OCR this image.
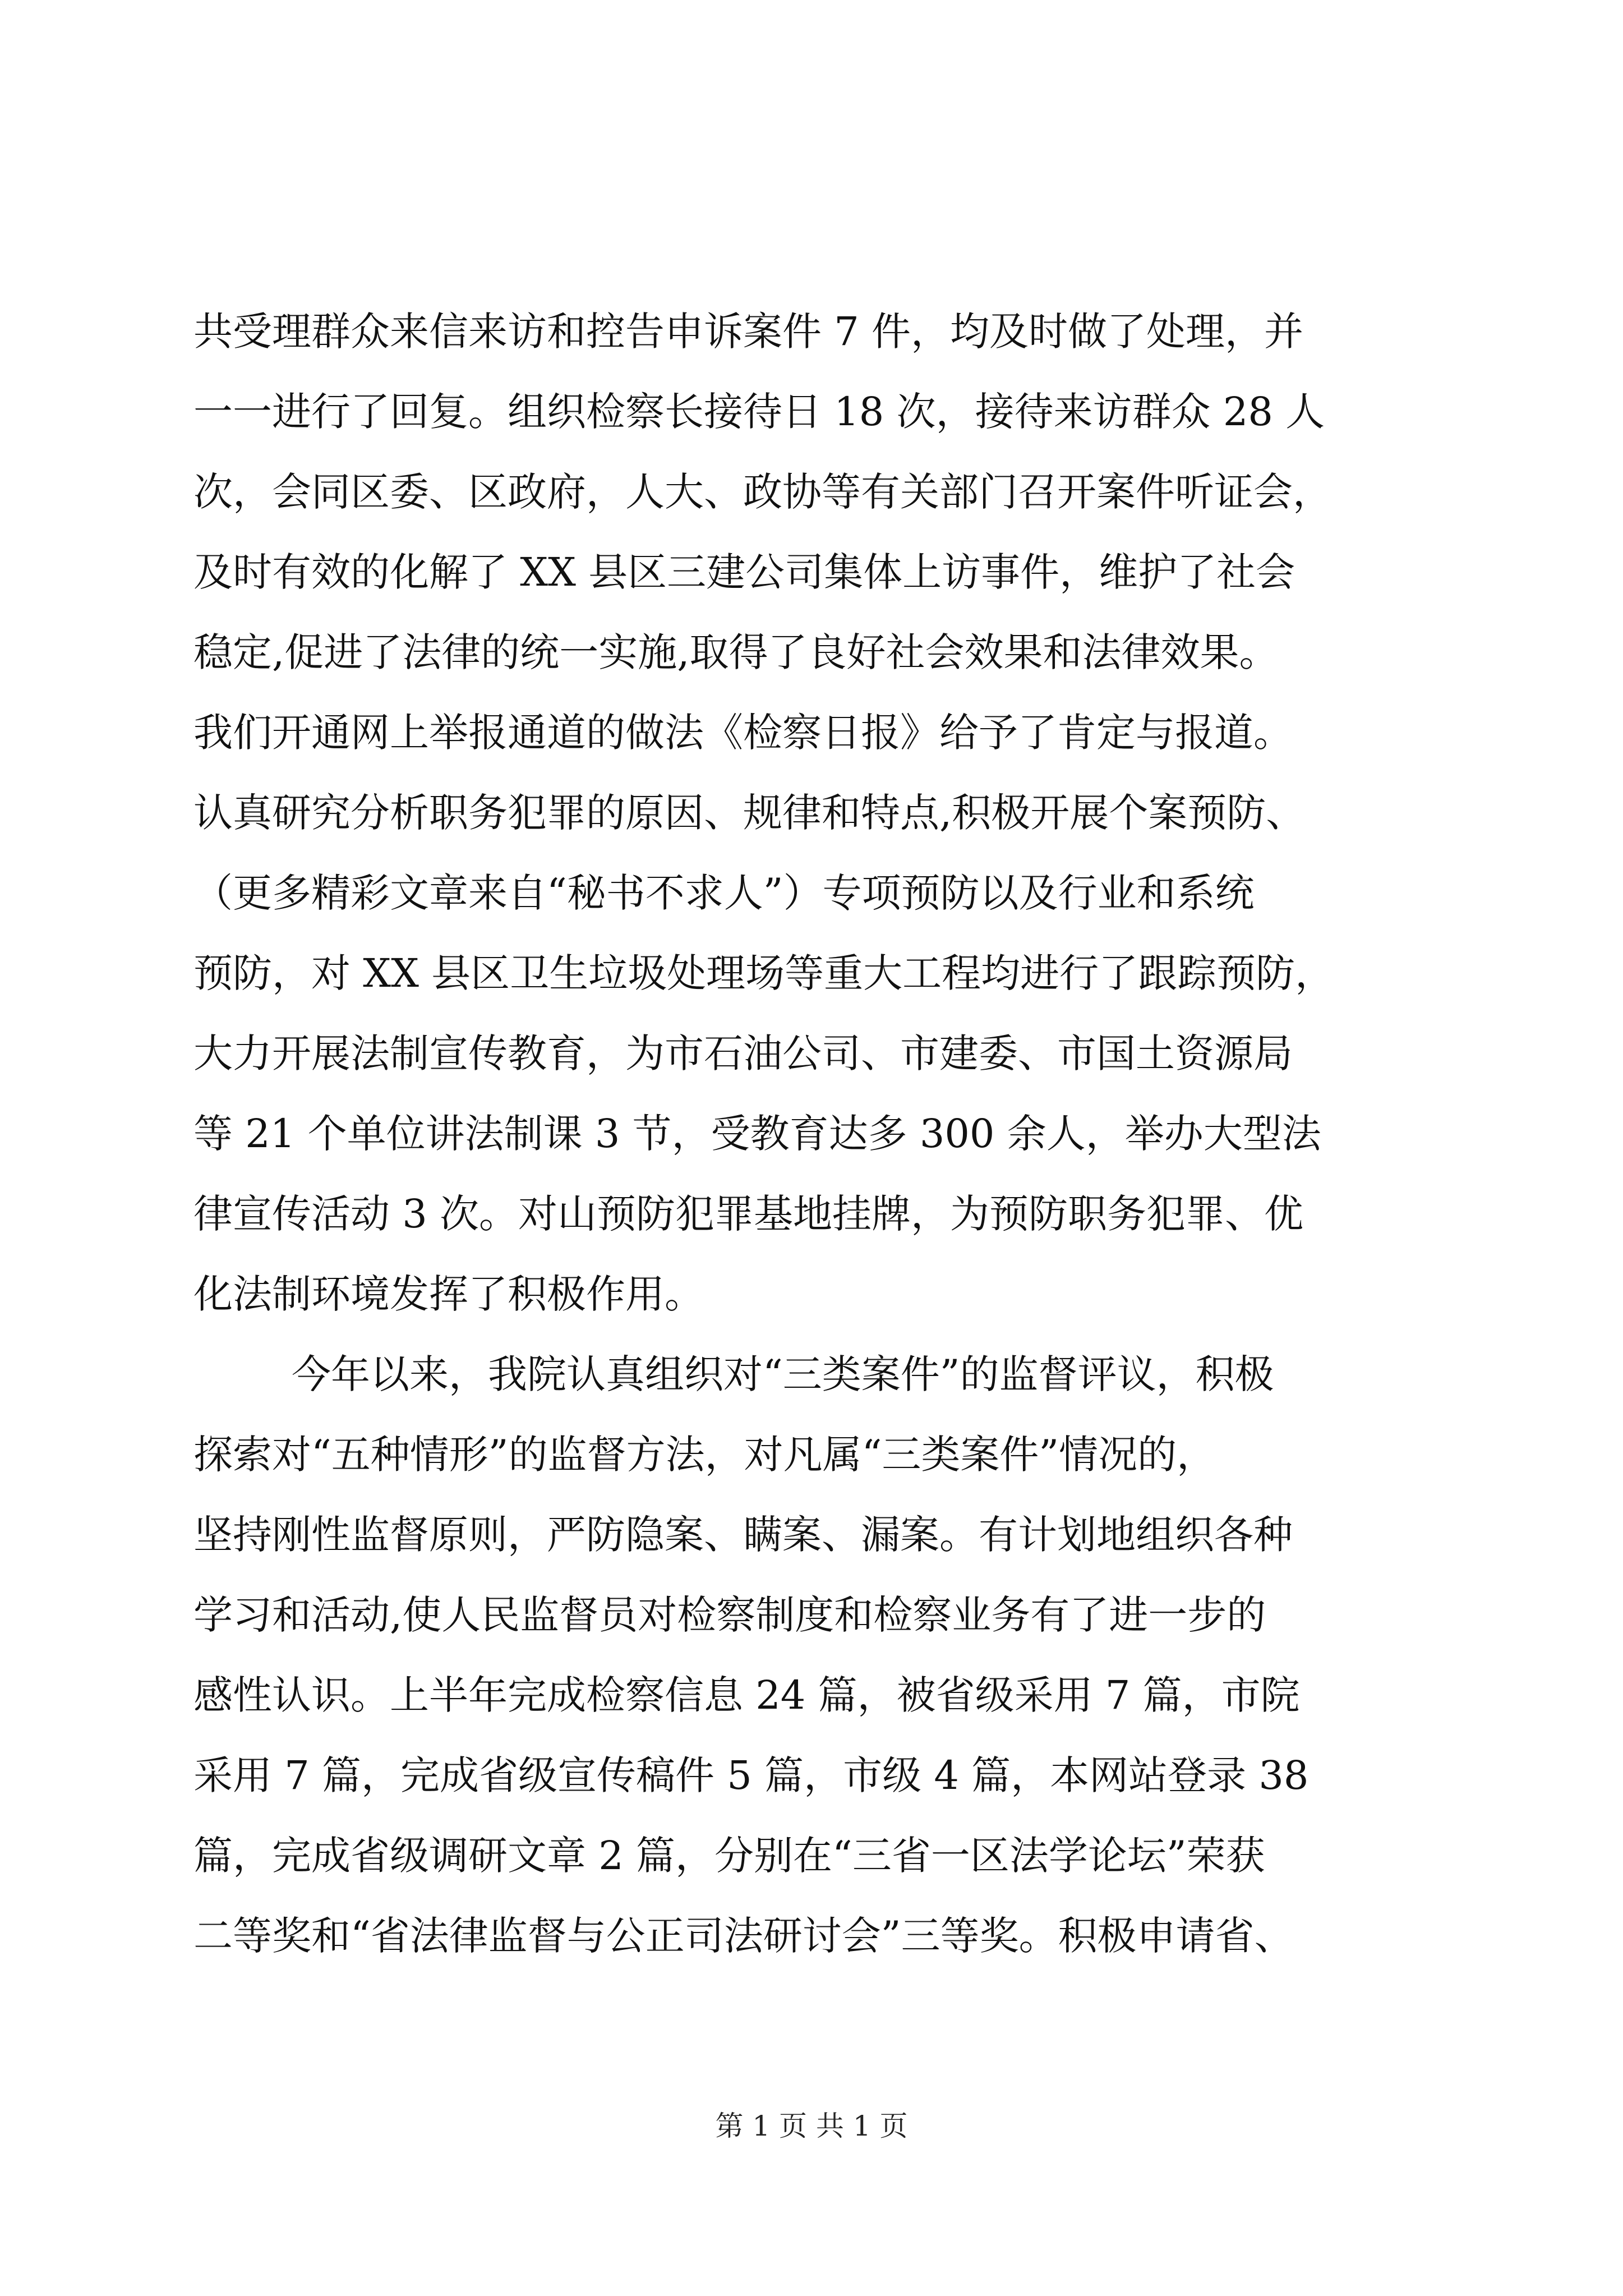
共受理群众来信来访和控告申诉案件 7 件，均及时做了处理，并
一一进行了回复。组织检察长接待日 18 次，接待来访群众 28 人
次，会同区委、区政府，人大、政协等有关部门召开案件听证会，
及时有效的化解了 XX 县区三建公司集体上访事件，维护了社会
稳定,促进了法律的统一实施,取得了良好社会效果和法律效果。
我们开通网上举报通道的做法《检察日报》给予了肯定与报道。
认真研究分析职务犯罪的原因、规律和特点,积极开展个案预防、
（更多精彩文章来自“秘书不求人”）专项预防以及行业和系统
预防，对 XX 县区卫生垃圾处理场等重大工程均进行了跟踪预防，
大力开展法制宣传教育，为市石油公司、市建委、市国土资源局
等 21 个单位讲法制课 3 节，受教育达多 300 余人，举办大型法
律宣传活动 3 次。对山预防犯罪基地挂牌，为预防职务犯罪、优
化法制环境发挥了积极作用。
今年以来，我院认真组织对“三类案件”的监督评议，积极
探索对“五种情形”的监督方法，对凡属“三类案件”情况的，
坚持刚性监督原则，严防隐案、瞒案、漏案。有计划地组织各种
学习和活动,使人民监督员对检察制度和检察业务有了进一步的
感性认识。上半年完成检察信息 24 篇，被省级采用 7 篇，市院
采用 7 篇，完成省级宣传稿件 5 篇，市级 4 篇，本网站登录 38
篇，完成省级调研文章 2 篇，分别在“三省一区法学论坛”荣获
二等奖和“省法律监督与公正司法研讨会”三等奖。积极申请省、
第 1 页 共 1 页
